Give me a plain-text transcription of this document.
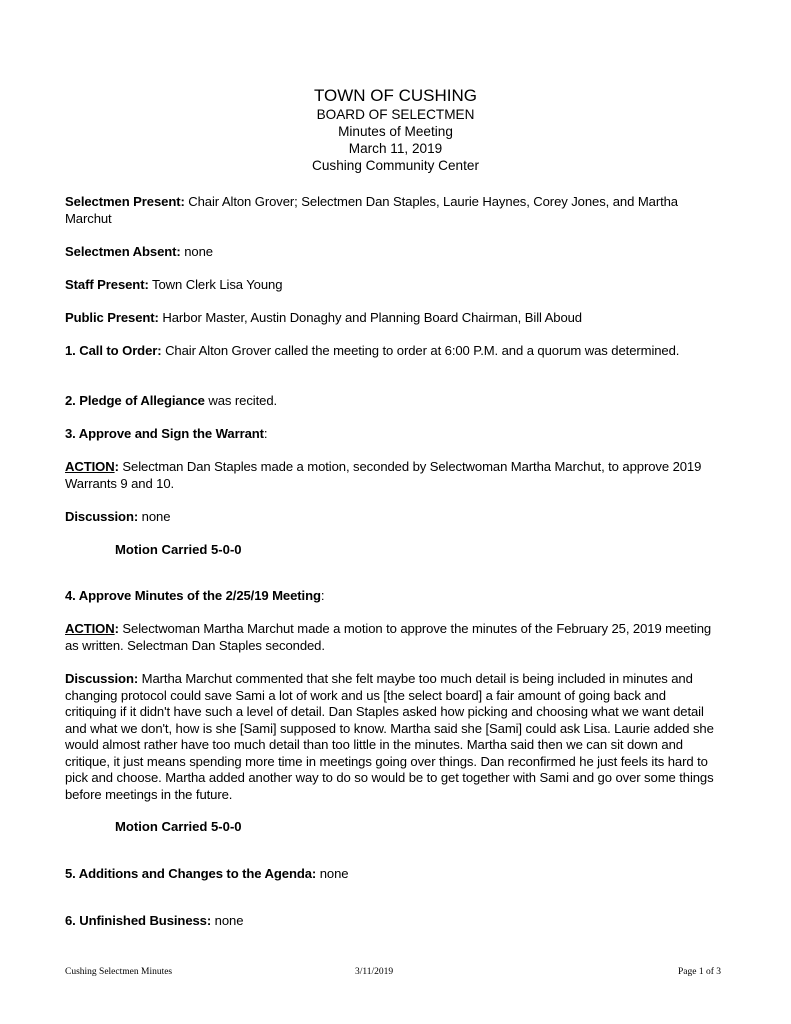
TOWN OF CUSHING
BOARD OF SELECTMEN
Minutes of Meeting
March 11, 2019
Cushing Community Center
Selectmen Present: Chair Alton Grover; Selectmen Dan Staples, Laurie Haynes, Corey Jones, and Martha Marchut
Selectmen Absent: none
Staff Present: Town Clerk Lisa Young
Public Present: Harbor Master, Austin Donaghy and Planning Board Chairman, Bill Aboud
1. Call to Order: Chair Alton Grover called the meeting to order at 6:00 P.M. and a quorum was determined.
2. Pledge of Allegiance was recited.
3. Approve and Sign the Warrant:
ACTION: Selectman Dan Staples made a motion, seconded by Selectwoman Martha Marchut, to approve 2019 Warrants 9 and 10.
Discussion: none
Motion Carried 5-0-0
4. Approve Minutes of the 2/25/19 Meeting:
ACTION: Selectwoman Martha Marchut made a motion to approve the minutes of the February 25, 2019 meeting as written. Selectman Dan Staples seconded.
Discussion: Martha Marchut commented that she felt maybe too much detail is being included in minutes and changing protocol could save Sami a lot of work and us [the select board] a fair amount of going back and critiquing if it didn't have such a level of detail. Dan Staples asked how picking and choosing what we want detail and what we don't, how is she [Sami] supposed to know. Martha said she [Sami] could ask Lisa. Laurie added she would almost rather have too much detail than too little in the minutes. Martha said then we can sit down and critique, it just means spending more time in meetings going over things. Dan reconfirmed he just feels its hard to pick and choose. Martha added another way to do so would be to get together with Sami and go over some things before meetings in the future.
Motion Carried 5-0-0
5. Additions and Changes to the Agenda: none
6. Unfinished Business: none
Cushing Selectmen Minutes	3/11/2019	Page 1 of 3
